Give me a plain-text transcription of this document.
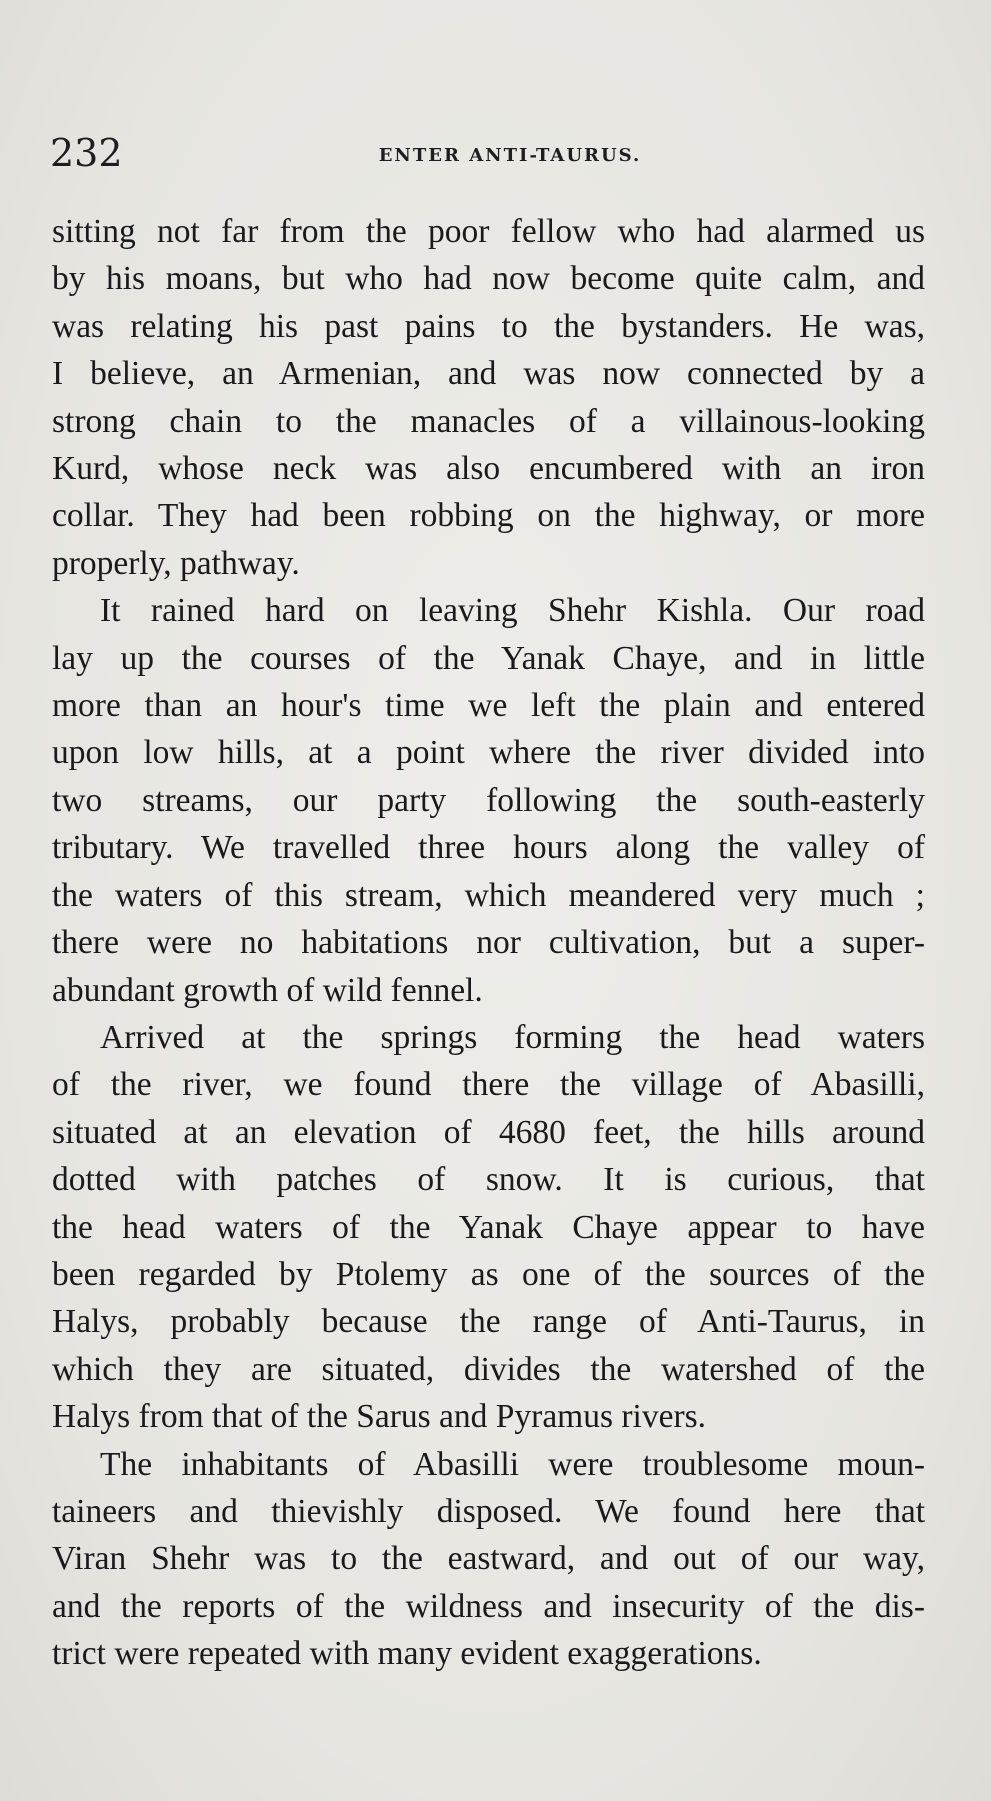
232	ENTER ANTI-TAURUS.
sitting not far from the poor fellow who had alarmed us
by his moans, but who had now become quite calm, and
was relating his past pains to the bystanders. He was,
I believe, an Armenian, and was now connected by a
strong chain to the manacles of a villainous-looking
Kurd, whose neck was also encumbered with an iron
collar. They had been robbing on the highway, or more
properly, pathway.
It rained hard on leaving Shehr Kishla. Our road
lay up the courses of the Yanak Chaye, and in little
more than an hour's time we left the plain and entered
upon low hills, at a point where the river divided into
two streams, our party following the south-easterly
tributary. We travelled three hours along the valley of
the waters of this stream, which meandered very much ;
there were no habitations nor cultivation, but a super-
abundant growth of wild fennel.
Arrived at the springs forming the head waters
of the river, we found there the village of Abasilli,
situated at an elevation of 4680 feet, the hills around
dotted with patches of snow. It is curious, that
the head waters of the Yanak Chaye appear to have
been regarded by Ptolemy as one of the sources of the
Halys, probably because the range of Anti-Taurus, in
which they are situated, divides the watershed of the
Halys from that of the Sarus and Pyramus rivers.
The inhabitants of Abasilli were troublesome moun-
taineers and thievishly disposed. We found here that
Viran Shehr was to the eastward, and out of our way,
and the reports of the wildness and insecurity of the dis-
trict were repeated with many evident exaggerations.
